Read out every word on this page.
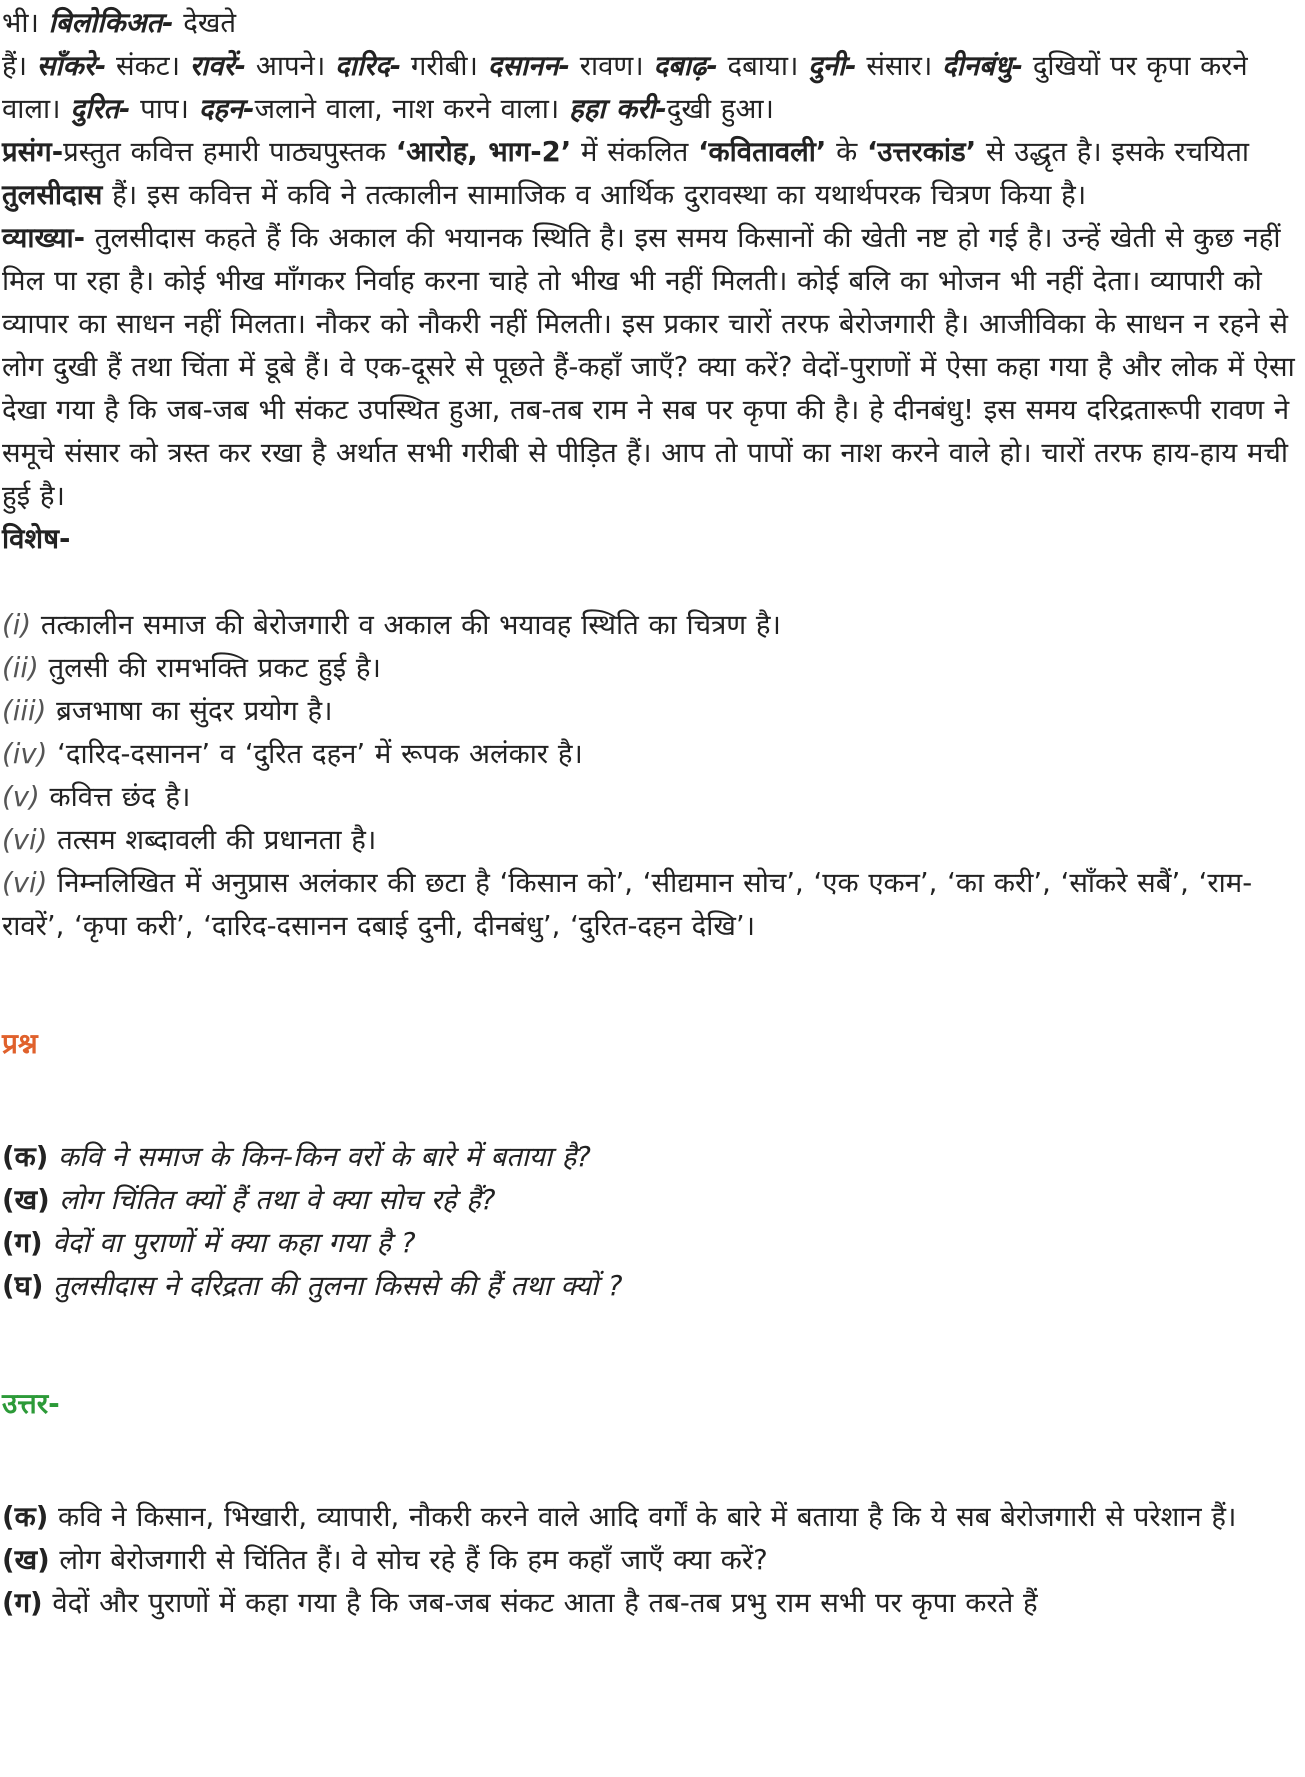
भी। बिलोकिअत- देखते
हैं। साँकरे- संकट। रावरें- आपने। दारिद- गरीबी। दसानन- रावण। दबाढ़- दबाया। दुनी- संसार। दीनबंधु- दुखियों पर कृपा करने वाला। दुरित- पाप। दहन-जलाने वाला, नाश करने वाला। हहा करी-दुखी हुआ।

प्रसंग-प्रस्तुत कवित्त हमारी पाठ्यपुस्तक ‘आरोह, भाग-2’ में संकलित ‘कवितावली’ के ‘उत्तरकांड’ से उद्धृत है। इसके रचयिता तुलसीदास हैं। इस कवित्त में कवि ने तत्कालीन सामाजिक व आर्थिक दुरावस्था का यथार्थपरक चित्रण किया है।

व्याख्या- तुलसीदास कहते हैं कि अकाल की भयानक स्थिति है। इस समय किसानों की खेती नष्ट हो गई है। उन्हें खेती से कुछ नहीं मिल पा रहा है। कोई भीख माँगकर निर्वाह करना चाहे तो भीख भी नहीं मिलती। कोई बलि का भोजन भी नहीं देता। व्यापारी को व्यापार का साधन नहीं मिलता। नौकर को नौकरी नहीं मिलती। इस प्रकार चारों तरफ बेरोजगारी है। आजीविका के साधन न रहने से लोग दुखी हैं तथा चिंता में डूबे हैं। वे एक-दूसरे से पूछते हैं-कहाँ जाएँ? क्या करें? वेदों-पुराणों में ऐसा कहा गया है और लोक में ऐसा देखा गया है कि जब-जब भी संकट उपस्थित हुआ, तब-तब राम ने सब पर कृपा की है। हे दीनबंधु! इस समय दरिद्रतारूपी रावण ने समूचे संसार को त्रस्त कर रखा है अर्थात सभी गरीबी से पीड़ित हैं। आप तो पापों का नाश करने वाले हो। चारों तरफ हाय-हाय मची हुई है।

विशेष-

(i) तत्कालीन समाज की बेरोजगारी व अकाल की भयावह स्थिति का चित्रण है।

(ii) तुलसी की रामभक्ति प्रकट हुई है।

(iii) ब्रजभाषा का सुंदर प्रयोग है।

(iv) ‘दारिद-दसानन’ व ‘दुरित दहन’ में रूपक अलंकार है।

(v) कवित्त छंद है।

(vi) तत्सम शब्दावली की प्रधानता है।

(vi) निम्नलिखित में अनुप्रास अलंकार की छटा है ‘किसान को’, ‘सीद्यमान सोच’, ‘एक एकन’, ‘का करी’, ‘साँकरे सबैं’, ‘राम-रावरें’, ‘कृपा करी’, ‘दारिद-दसानन दबाई दुनी, दीनबंधु’, ‘दुरित-दहन देखि’।

प्रश्न

(क) कवि ने समाज के किन-किन वरों के बारे में बताया है?

(ख) लोग चिंतित क्यों हैं तथा वे क्या सोच रहे हैं?

(ग) वेदों वा पुराणों में क्या कहा गया है ?

(घ) तुलसीदास ने दरिद्रता की तुलना किससे की हैं तथा क्यों ?

उत्तर-

(क) कवि ने किसान, भिखारी, व्यापारी, नौकरी करने वाले आदि वर्गों के बारे में बताया है कि ये सब बेरोजगारी से परेशान हैं।

(ख) लोग बेरोजगारी से चिंतित हैं। वे सोच रहे हैं कि हम कहाँ जाएँ क्या करें?

(ग) वेदों और पुराणों में कहा गया है कि जब-जब संकट आता है तब-तब प्रभु राम सभी पर कृपा करते हैं
